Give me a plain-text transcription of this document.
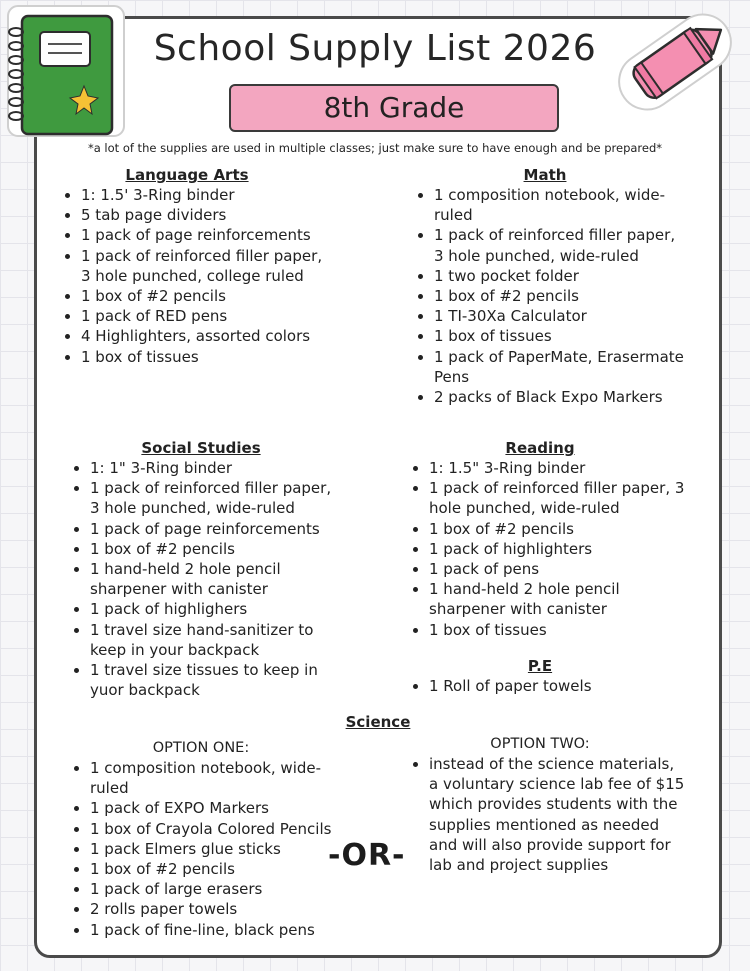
School Supply List 2026
8th Grade
*a lot of the supplies are used in multiple classes; just make sure to have enough and be prepared*
Language Arts
• 1: 1.5' 3-Ring binder
• 5 tab page dividers
• 1 pack of page reinforcements
• 1 pack of reinforced filler paper, 3 hole punched, college ruled
• 1 box of #2 pencils
• 1 pack of RED pens
• 4 Highlighters, assorted colors
• 1 box of tissues
Math
• 1 composition notebook, wide-ruled
• 1 pack of reinforced filler paper, 3 hole punched, wide-ruled
• 1 two pocket folder
• 1 box of #2 pencils
• 1 TI-30Xa Calculator
• 1 box of tissues
• 1 pack of PaperMate, Erasermate Pens
• 2 packs of Black Expo Markers
Social Studies
• 1: 1" 3-Ring binder
• 1 pack of reinforced filler paper, 3 hole punched, wide-ruled
• 1 pack of page reinforcements
• 1 box of #2 pencils
• 1 hand-held 2 hole pencil sharpener with canister
• 1 pack of highlighers
• 1 travel size hand-sanitizer to keep in your backpack
• 1 travel size tissues to keep in yuor backpack
Reading
• 1: 1.5" 3-Ring binder
• 1 pack of reinforced filler paper, 3 hole punched, wide-ruled
• 1 box of #2 pencils
• 1 pack of highlighters
• 1 pack of pens
• 1 hand-held 2 hole pencil sharpener with canister
• 1 box of tissues
P.E
• 1 Roll of paper towels
Science
OPTION ONE:
• 1 composition notebook, wide-ruled
• 1 pack of EXPO Markers
• 1 box of Crayola Colored Pencils
• 1 pack Elmers glue sticks
• 1 box of #2 pencils
• 1 pack of large erasers
• 2 rolls paper towels
• 1 pack of fine-line, black pens
-OR-
OPTION TWO:
• instead of the science materials, a voluntary science lab fee of $15 which provides students with the supplies mentioned as needed and will also provide support for lab and project supplies
